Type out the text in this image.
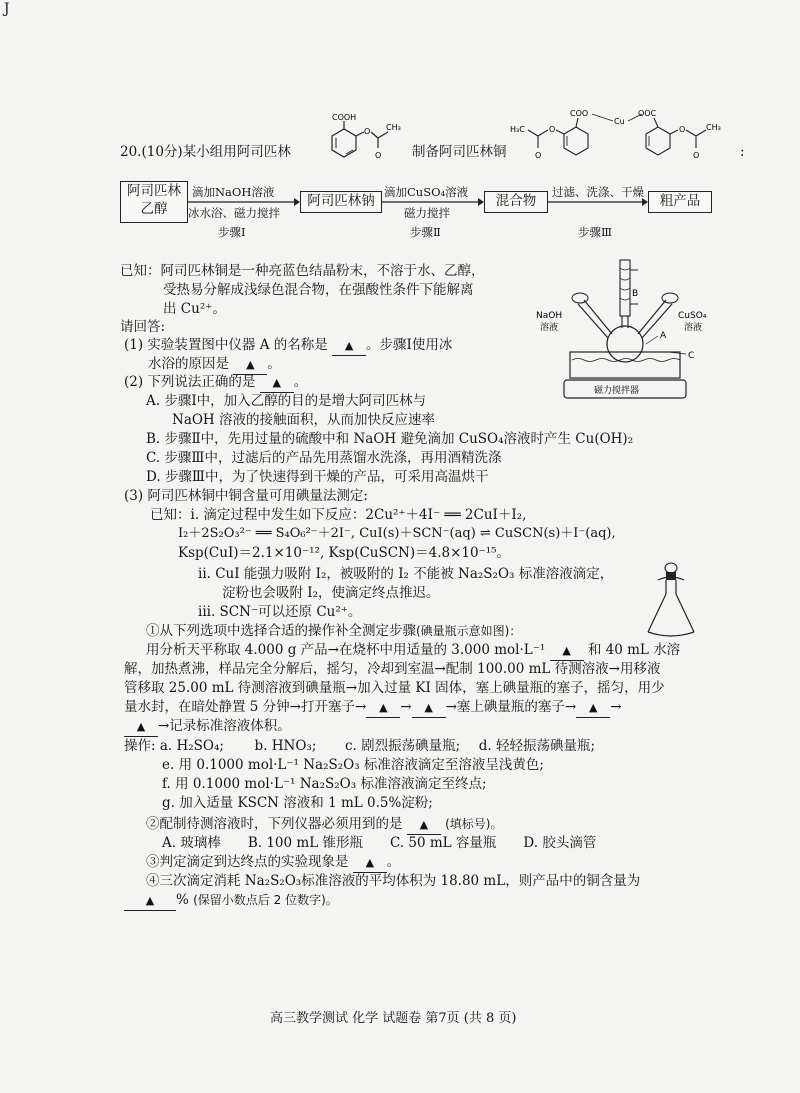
J
20.(10分)某小组用阿司匹林
COOH
O CH₃
O 制备阿司匹林铜
H₃C
O
O
COO
Cu
OOC
O	CH₃
O	:
阿司匹林
乙醇
滴加NaOH溶液
冰水浴、磁力搅拌
步骤Ⅰ
阿司匹林钠
滴加CuSO₄溶液
磁力搅拌
步骤Ⅱ
混合物
过滤、洗涤、干燥
步骤Ⅲ
粗产品
已知：阿司匹林铜是一种亮蓝色结晶粉末，不溶于水、乙醇，
受热易分解成浅绿色混合物，在强酸性条件下能解离
出 Cu²⁺。
B
A
C
磁力搅拌器
NaOH
溶液
CuSO₄
溶液
请回答:
(1) 实验装置图中仪器 A 的名称是 ▲ 。步骤Ⅰ使用冰
水浴的原因是 ▲ 。
(2) 下列说法正确的是 ▲ 。
A. 步骤Ⅰ中，加入乙醇的目的是增大阿司匹林与
NaOH 溶液的接触面积，从而加快反应速率
B. 步骤Ⅱ中，先用过量的硫酸中和 NaOH 避免滴加 CuSO₄溶液时产生 Cu(OH)₂
C. 步骤Ⅲ中，过滤后的产品先用蒸馏水洗涤，再用酒精洗涤
D. 步骤Ⅲ中，为了快速得到干燥的产品，可采用高温烘干
(3) 阿司匹林铜中铜含量可用碘量法测定:
已知：i. 滴定过程中发生如下反应：2Cu²⁺＋4I⁻ ══ 2CuI＋I₂,
I₂＋2S₂O₃²⁻ ══ S₄O₆²⁻＋2I⁻, CuI(s)＋SCN⁻(aq) ⇌ CuSCN(s)＋I⁻(aq),
Ksp(CuI)＝2.1×10⁻¹², Ksp(CuSCN)＝4.8×10⁻¹⁵。
ii. CuI 能强力吸附 I₂，被吸附的 I₂ 不能被 Na₂S₂O₃ 标准溶液滴定，
淀粉也会吸附 I₂，使滴定终点推迟。
iii. SCN⁻可以还原 Cu²⁺。
①从下列选项中选择合适的操作补全测定步骤(碘量瓶示意如图)：
用分析天平称取 4.000 g 产品→在烧杯中用适量的 3.000 mol·L⁻¹ ▲ 和 40 mL 水溶
解，加热煮沸，样品完全分解后，摇匀，冷却到室温→配制 100.00 mL 待测溶液→用移液
管移取 25.00 mL 待测溶液到碘量瓶→加入过量 KI 固体，塞上碘量瓶的塞子，摇匀，用少
量水封，在暗处静置 5 分钟→打开塞子→ ▲ → ▲ →塞上碘量瓶的塞子→ ▲ →
▲ →记录标准溶液体积。
操作: a. H₂SO₄; b. HNO₃; c. 剧烈振荡碘量瓶; d. 轻轻振荡碘量瓶;
e. 用 0.1000 mol·L⁻¹ Na₂S₂O₃ 标准溶液滴定至溶液呈浅黄色;
f. 用 0.1000 mol·L⁻¹ Na₂S₂O₃ 标准溶液滴定至终点;
g. 加入适量 KSCN 溶液和 1 mL 0.5%淀粉;
②配制待测溶液时，下列仪器必须用到的是 ▲ (填标号)。
A. 玻璃棒　　B. 100 mL 锥形瓶　　C. 50 mL 容量瓶　　D. 胶头滴管
③判定滴定到达终点的实验现象是 ▲ 。
④三次滴定消耗 Na₂S₂O₃标准溶液的平均体积为 18.80 mL，则产品中的铜含量为
▲ % (保留小数点后 2 位数字)。
高三教学测试 化学 试题卷 第7页 (共 8 页)
